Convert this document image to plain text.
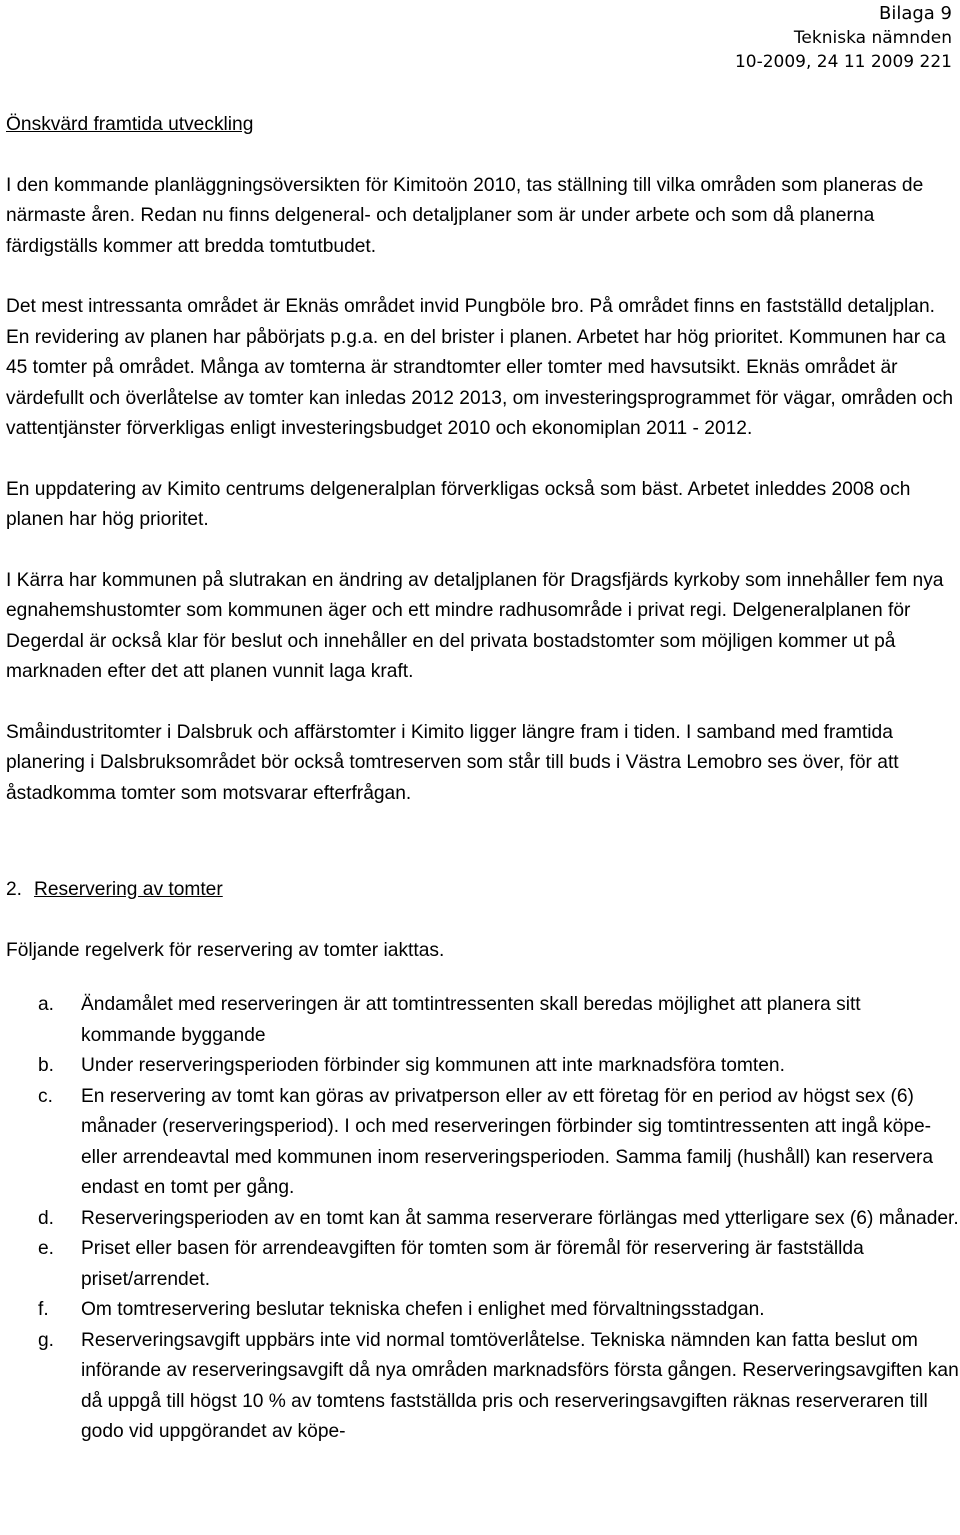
Bilaga 9
Tekniska nämnden
10-2009, 24 11 2009 221

Önskvärd framtida utveckling

I den kommande planläggningsöversikten för Kimitoön 2010, tas ställning till vilka områden som planeras de närmaste åren. Redan nu finns delgeneral- och detaljplaner som är under arbete och som då planerna färdigställs kommer att bredda tomtutbudet.

Det mest intressanta området är Eknäs området invid Pungböle bro. På området finns en fastställd detaljplan. En revidering av planen har påbörjats p.g.a. en del brister i planen. Arbetet har hög prioritet. Kommunen har ca 45 tomter på området. Många av tomterna är strandtomter eller tomter med havsutsikt. Eknäs området är värdefullt och överlåtelse av tomter kan inledas 2012 2013, om investeringsprogrammet för vägar, områden och vattentjänster förverkligas enligt investeringsbudget 2010 och ekonomiplan 2011 - 2012.

En uppdatering av Kimito centrums delgeneralplan förverkligas också som bäst. Arbetet inleddes 2008 och planen har hög prioritet.

I Kärra har kommunen på slutrakan en ändring av detaljplanen för Dragsfjärds kyrkoby som innehåller fem nya egnahemshustomter som kommunen äger och ett mindre radhusområde i privat regi. Delgeneralplanen för Degerdal är också klar för beslut och innehåller en del privata bostadstomter som möjligen kommer ut på marknaden efter det att planen vunnit laga kraft.

Småindustritomter i Dalsbruk och affärstomter i Kimito ligger längre fram i tiden. I samband med framtida planering i Dalsbruksområdet bör också tomtreserven som står till buds i Västra Lemobro ses över, för att åstadkomma tomter som motsvarar efterfrågan.

2. Reservering av tomter

Följande regelverk för reservering av tomter iakttas.

a. Ändamålet med reserveringen är att tomtintressenten skall beredas möjlighet att planera sitt kommande byggande
b. Under reserveringsperioden förbinder sig kommunen att inte marknadsföra tomten.
c. En reservering av tomt kan göras av privatperson eller av ett företag för en period av högst sex (6) månader (reserveringsperiod). I och med reserveringen förbinder sig tomtintressenten att ingå köpe- eller arrendeavtal med kommunen inom reserveringsperioden. Samma familj (hushåll) kan reservera endast en tomt per gång.
d. Reserveringsperioden av en tomt kan åt samma reserverare förlängas med ytterligare sex (6) månader.
e. Priset eller basen för arrendeavgiften för tomten som är föremål för reservering är fastställda priset/arrendet.
f. Om tomtreservering beslutar tekniska chefen i enlighet med förvaltningsstadgan.
g. Reserveringsavgift uppbärs inte vid normal tomtöverlåtelse. Tekniska nämnden kan fatta beslut om införande av reserveringsavgift då nya områden marknadsförs första gången. Reserveringsavgiften kan då uppgå till högst 10 % av tomtens fastställda pris och reserveringsavgiften räknas reserveraren till godo vid uppgörandet av köpe-
